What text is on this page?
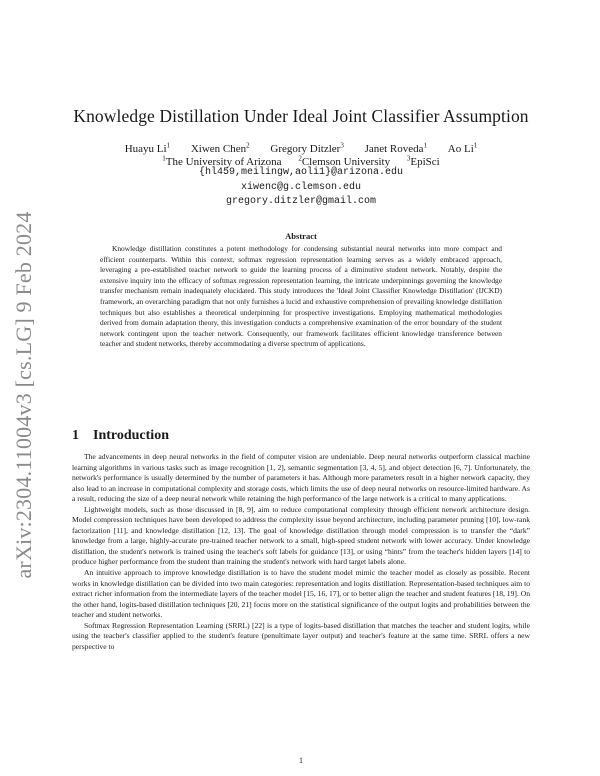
arXiv:2304.11004v3 [cs.LG] 9 Feb 2024
Knowledge Distillation Under Ideal Joint Classifier Assumption
Huayu Li$^1$ Xiwen Chen$^2$ Gregory Ditzler$^3$ Janet Roveda$^1$ Ao Li$^1$
$^1$The University of Arizona $^2$Clemson University $^3$EpiSci
{hl459,meilingw,aoli1}@arizona.edu
xiwenc@g.clemson.edu
gregory.ditzler@gmail.com
Abstract

Knowledge distillation constitutes a potent methodology for condensing substantial neural networks into more compact and efficient counterparts. Within this context, softmax regression representation learning serves as a widely embraced approach, leveraging a pre-established teacher network to guide the learning process of a diminutive student network. Notably, despite the extensive inquiry into the efficacy of softmax regression representation learning, the intricate underpinnings governing the knowledge transfer mechanism remain inadequately elucidated. This study introduces the 'Ideal Joint Classifier Knowledge Distillation' (IJCKD) framework, an overarching paradigm that not only furnishes a lucid and exhaustive comprehension of prevailing knowledge distillation techniques but also establishes a theoretical underpinning for prospective investigations. Employing mathematical methodologies derived from domain adaptation theory, this investigation conducts a comprehensive examination of the error boundary of the student network contingent upon the teacher network. Consequently, our framework facilitates efficient knowledge transference between teacher and student networks, thereby accommodating a diverse spectrum of applications.

1 Introduction

The advancements in deep neural networks in the field of computer vision are undeniable. Deep neural networks outperform classical machine learning algorithms in various tasks such as image recognition [1, 2], semantic segmentation [3, 4, 5], and object detection [6, 7]. Unfortunately, the network's performance is usually determined by the number of parameters it has. Although more parameters result in a higher network capacity, they also lead to an increase in computational complexity and storage costs, which limits the use of deep neural networks on resource-limited hardware. As a result, reducing the size of a deep neural network while retaining the high performance of the large network is a critical to many applications.

Lightweight models, such as those discussed in [8, 9], aim to reduce computational complexity through efficient network architecture design. Model compression techniques have been developed to address the complexity issue beyond architecture, including parameter pruning [10], low-rank factorization [11], and knowledge distillation [12, 13]. The goal of knowledge distillation through model compression is to transfer the “dark” knowledge from a large, highly-accurate pre-trained teacher network to a small, high-speed student network with lower accuracy. Under knowledge distillation, the student's network is trained using the teacher's soft labels for guidance [13], or using “hints” from the teacher's hidden layers [14] to produce higher performance from the student than training the student's network with hard target labels alone.

An intuitive approach to improve knowledge distillation is to have the student model mimic the teacher model as closely as possible. Recent works in knowledge distillation can be divided into two main categories: representation and logits distillation. Representation-based techniques aim to extract richer information from the intermediate layers of the teacher model [15, 16, 17], or to better align the teacher and student features [18, 19]. On the other hand, logits-based distillation techniques [20, 21] focus more on the statistical significance of the output logits and probabilities between the teacher and student networks.

Softmax Regression Representation Learning (SRRL) [22] is a type of logits-based distillation that matches the teacher and student logits, while using the teacher's classifier applied to the student's feature (penultimate layer output) and teacher's feature at the same time. SRRL offers a new perspective to

1
